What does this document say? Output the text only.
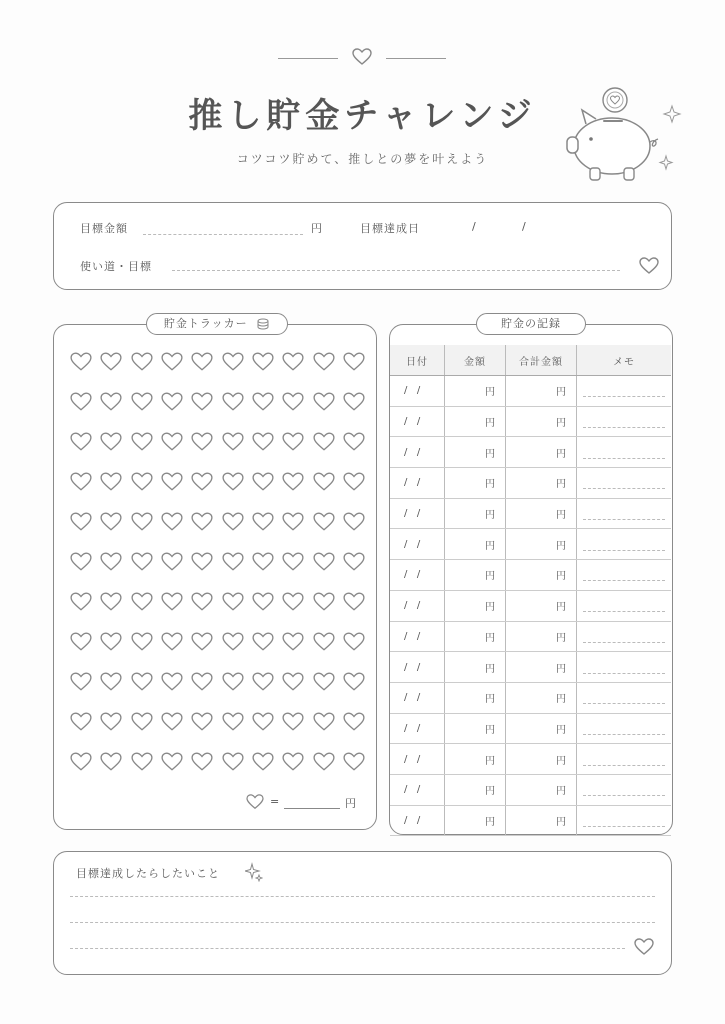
推し貯金チャレンジ
コツコツ貯めて、推しとの夢を叶えよう
目標金額	円	目標達成日	/	/
使い道・目標
貯金トラッカー
=	円
貯金の記録
日付	金額	合計金額	メモ
/   /	円	円	

/   /	円	円	

/   /	円	円	

/   /	円	円	

/   /	円	円	

/   /	円	円	

/   /	円	円	

/   /	円	円	

/   /	円	円	

/   /	円	円	

/   /	円	円	

/   /	円	円	

/   /	円	円	

/   /	円	円	

/   /	円	円	
目標達成したらしたいこと
